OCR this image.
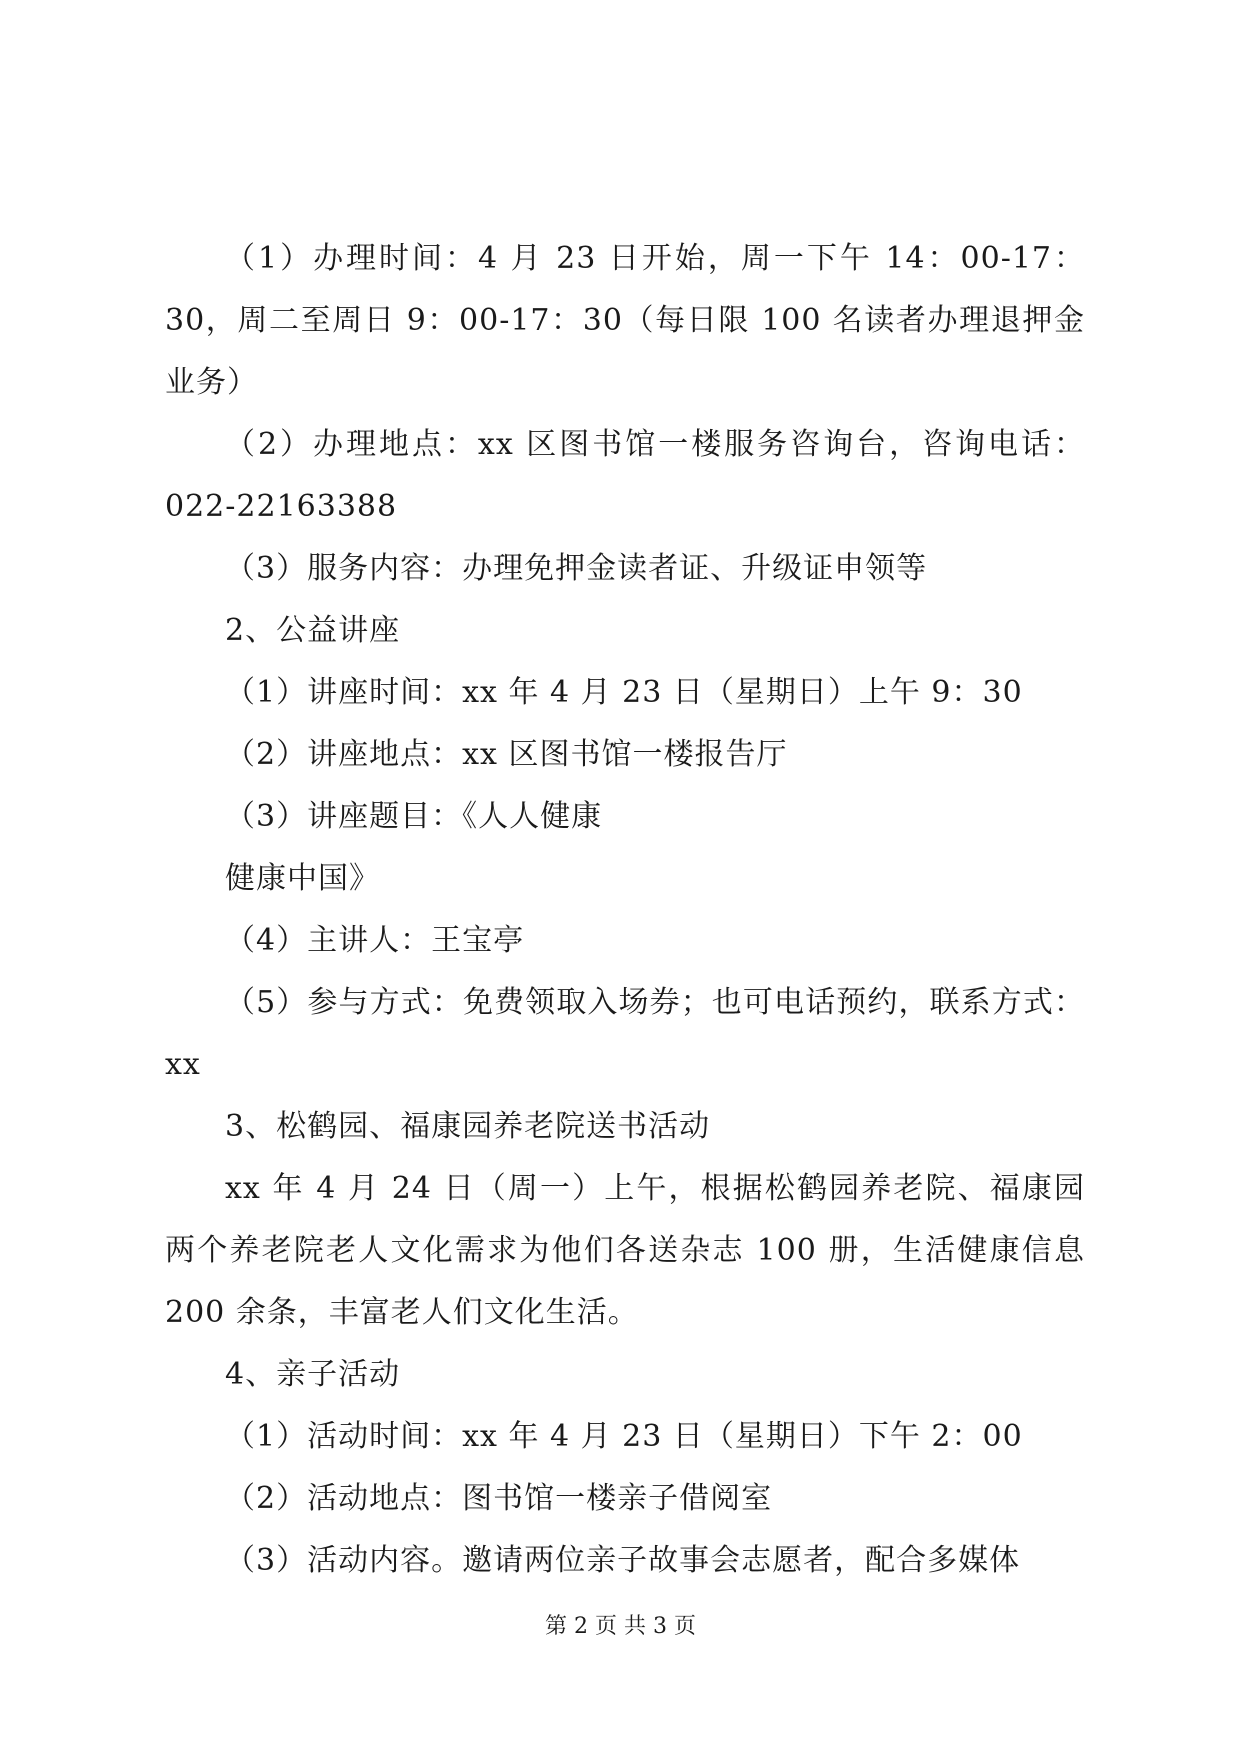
（1）办理时间：4 月 23 日开始，周一下午 14：00-17：30，周二至周日 9：00-17：30（每日限 100 名读者办理退押金业务）

（2）办理地点：xx 区图书馆一楼服务咨询台，咨询电话：022-22163388

（3）服务内容：办理免押金读者证、升级证申领等

2、公益讲座

（1）讲座时间：xx 年 4 月 23 日（星期日）上午 9：30

（2）讲座地点：xx 区图书馆一楼报告厅

（3）讲座题目：《人人健康

健康中国》

（4）主讲人：王宝亭

（5）参与方式：免费领取入场券；也可电话预约，联系方式：xx

3、松鹤园、福康园养老院送书活动

xx 年 4 月 24 日（周一）上午，根据松鹤园养老院、福康园两个养老院老人文化需求为他们各送杂志 100 册，生活健康信息 200 余条，丰富老人们文化生活。

4、亲子活动

（1）活动时间：xx 年 4 月 23 日（星期日）下午 2：00

（2）活动地点：图书馆一楼亲子借阅室

（3）活动内容。邀请两位亲子故事会志愿者，配合多媒体

第 2 页 共 3 页
